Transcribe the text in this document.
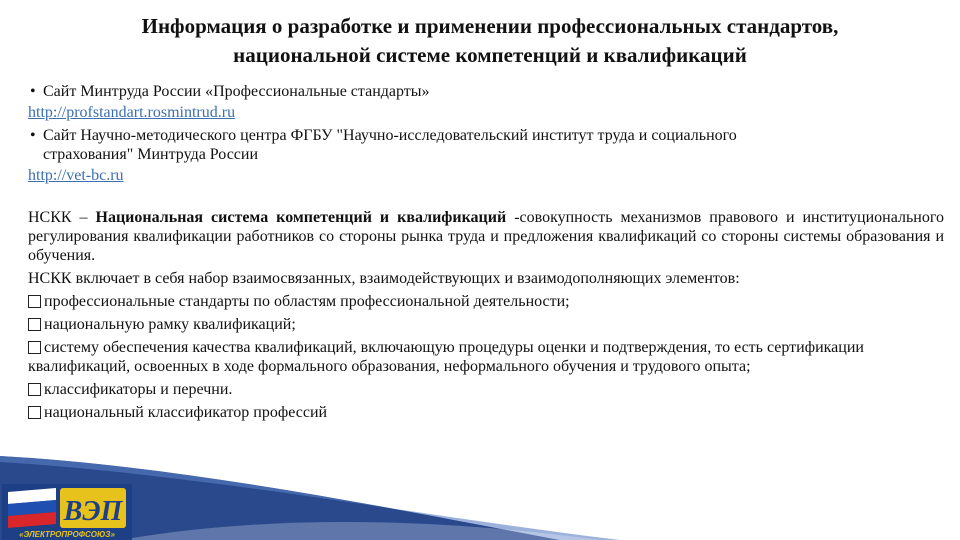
Информация о разработке и применении профессиональных стандартов,
национальной системе компетенций и квалификаций
• Сайт Минтруда России «Профессиональные стандарты»
http://profstandart.rosmintrud.ru
• Сайт Научно-методического центра ФГБУ "Научно-исследовательский институт труда и социального
страхования" Минтруда России
http://vet-bc.ru

НСКК – Национальная система компетенций и квалификаций -совокупность механизмов правового и институционального регулирования квалификации работников со стороны рынка труда и предложения квалификаций со стороны системы образования и обучения.

НСКК включает в себя набор взаимосвязанных, взаимодействующих и взаимодополняющих элементов:

профессиональные стандарты по областям профессиональной деятельности;
национальную рамку квалификаций;
систему обеспечения качества квалификаций, включающую процедуры оценки и подтверждения, то есть сертификации квалификаций, освоенных в ходе формального образования, неформального обучения и трудового опыта;
классификаторы и перечни.
национальный классификатор профессий
ВЭП
«ЭЛЕКТРОПРОФСОЮЗ»
